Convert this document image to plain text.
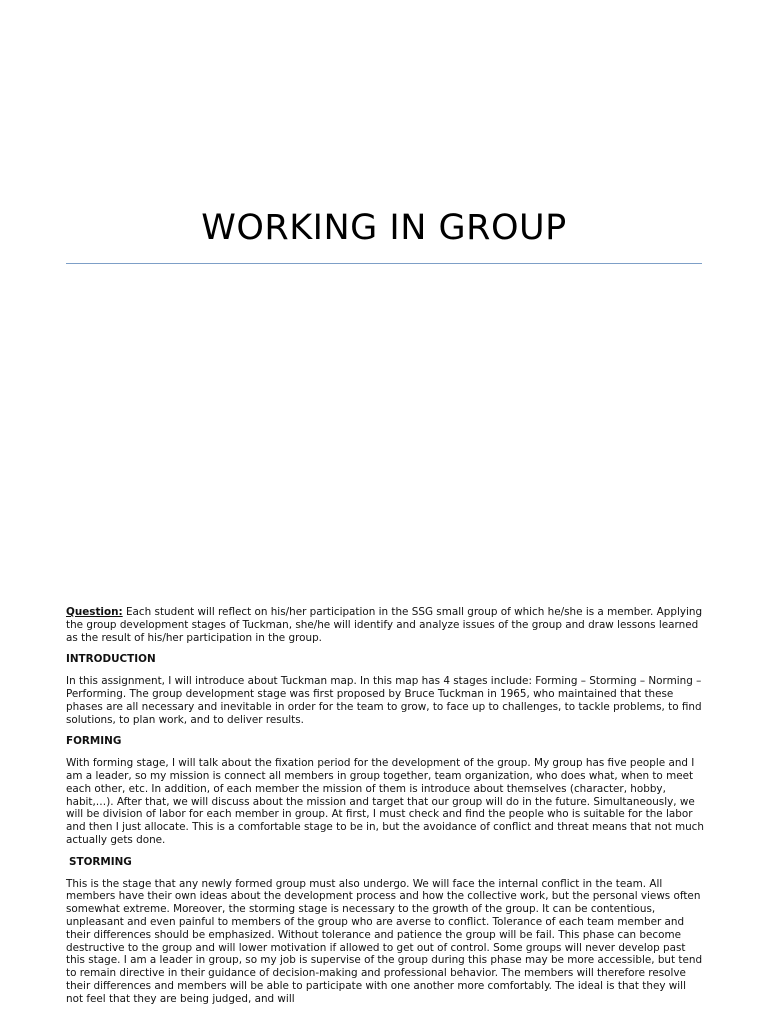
WORKING IN GROUP

Question: Each student will reflect on his/her participation in the SSG small group of which he/she is a member. Applying the group development stages of Tuckman, she/he will identify and analyze issues of the group and draw lessons learned as the result of his/her participation in the group.

INTRODUCTION

In this assignment, I will introduce about Tuckman map. In this map has 4 stages include: Forming – Storming – Norming – Performing. The group development stage was first proposed by Bruce Tuckman in 1965, who maintained that these phases are all necessary and inevitable in order for the team to grow, to face up to challenges, to tackle problems, to find solutions, to plan work, and to deliver results.

FORMING

With forming stage, I will talk about the fixation period for the development of the group. My group has five people and I am a leader, so my mission is connect all members in group together, team organization, who does what, when to meet each other, etc. In addition, of each member the mission of them is introduce about themselves (character, hobby, habit,…). After that, we will discuss about the mission and target that our group will do in the future. Simultaneously, we will be division of labor for each member in group. At first, I must check and find the people who is suitable for the labor and then I just allocate. This is a comfortable stage to be in, but the avoidance of conflict and threat means that not much actually gets done.

STORMING

This is the stage that any newly formed group must also undergo. We will face the internal conflict in the team. All members have their own ideas about the development process and how the collective work, but the personal views often somewhat extreme. Moreover, the storming stage is necessary to the growth of the group. It can be contentious, unpleasant and even painful to members of the group who are averse to conflict. Tolerance of each team member and their differences should be emphasized. Without tolerance and patience the group will be fail. This phase can become destructive to the group and will lower motivation if allowed to get out of control. Some groups will never develop past this stage. I am a leader in group, so my job is supervise of the group during this phase may be more accessible, but tend to remain directive in their guidance of decision-making and professional behavior. The members will therefore resolve their differences and members will be able to participate with one another more comfortably. The ideal is that they will not feel that they are being judged, and will
